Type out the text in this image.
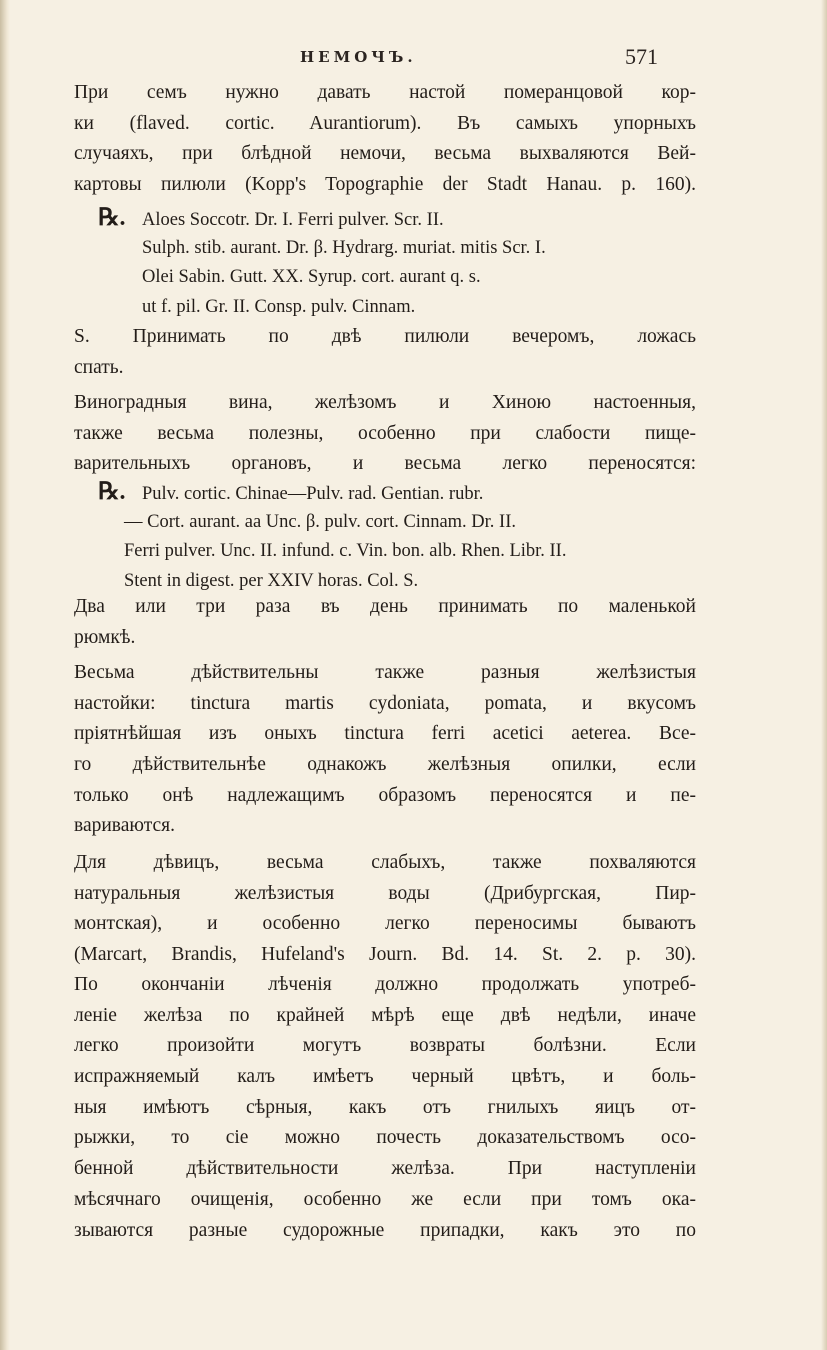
НЕМОЧЪ.	571
При семъ нужно давать настой померанцовой кор-
ки (flaved. cortic. Aurantiorum). Въ самыхъ упорныхъ
случаяхъ, при блѣдной немочи, весьма выхваляются Вей-
картовы пилюли (Kopp's Topographie der Stadt Hanau. p. 160).
℞. Aloes Soccotr. Dr. I. Ferri pulver. Scr. II.
Sulph. stib. aurant. Dr. β. Hydrarg. muriat. mitis Scr. I.
Olei Sabin. Gutt. XX. Syrup. cort. aurant q. s.
ut f. pil. Gr. II. Consp. pulv. Cinnam.
S. Принимать по двѣ пилюли вечеромъ, ложась
спать.
Виноградныя вина, желѣзомъ и Хиною настоенныя,
также весьма полезны, особенно при слабости пище-
варительныхъ органовъ, и весьма легко переносятся:
℞. Pulv. cortic. Chinae—Pulv. rad. Gentian. rubr.
— Cort. aurant. aa Unc. β. pulv. cort. Cinnam. Dr. II.
Ferri pulver. Unc. II. infund. c. Vin. bon. alb. Rhen. Libr. II.
Stent in digest. per XXIV horas. Col. S.
Два или три раза въ день принимать по маленькой
рюмкѣ.
Весьма дѣйствительны также разныя желѣзистыя
настойки: tinctura martis cydoniata, pomata, и вкусомъ
пріятнѣйшая изъ оныхъ tinctura ferri acetici aeterea. Все-
го дѣйствительнѣе однакожъ желѣзныя опилки, если
только онѣ надлежащимъ образомъ переносятся и пе-
вариваются.
Для дѣвицъ, весьма слабыхъ, также похваляются
натуральныя желѣзистыя воды (Дрибургская, Пир-
монтская), и особенно легко переносимы бываютъ
(Marcart, Brandis, Hufeland's Journ. Bd. 14. St. 2. p. 30).
По окончаніи лѣченія должно продолжать употреб-
леніе желѣза по крайней мѣрѣ еще двѣ недѣли, иначе
легко произойти могутъ возвраты болѣзни. Если
испражняемый калъ имѣетъ черный цвѣтъ, и боль-
ныя имѣютъ сѣрныя, какъ отъ гнилыхъ яицъ от-
рыжки, то сіе можно почесть доказательствомъ осо-
бенной дѣйствительности желѣза. При наступленіи
мѣсячнаго очищенія, особенно же если при томъ ока-
зываются разные судорожные припадки, какъ это по
